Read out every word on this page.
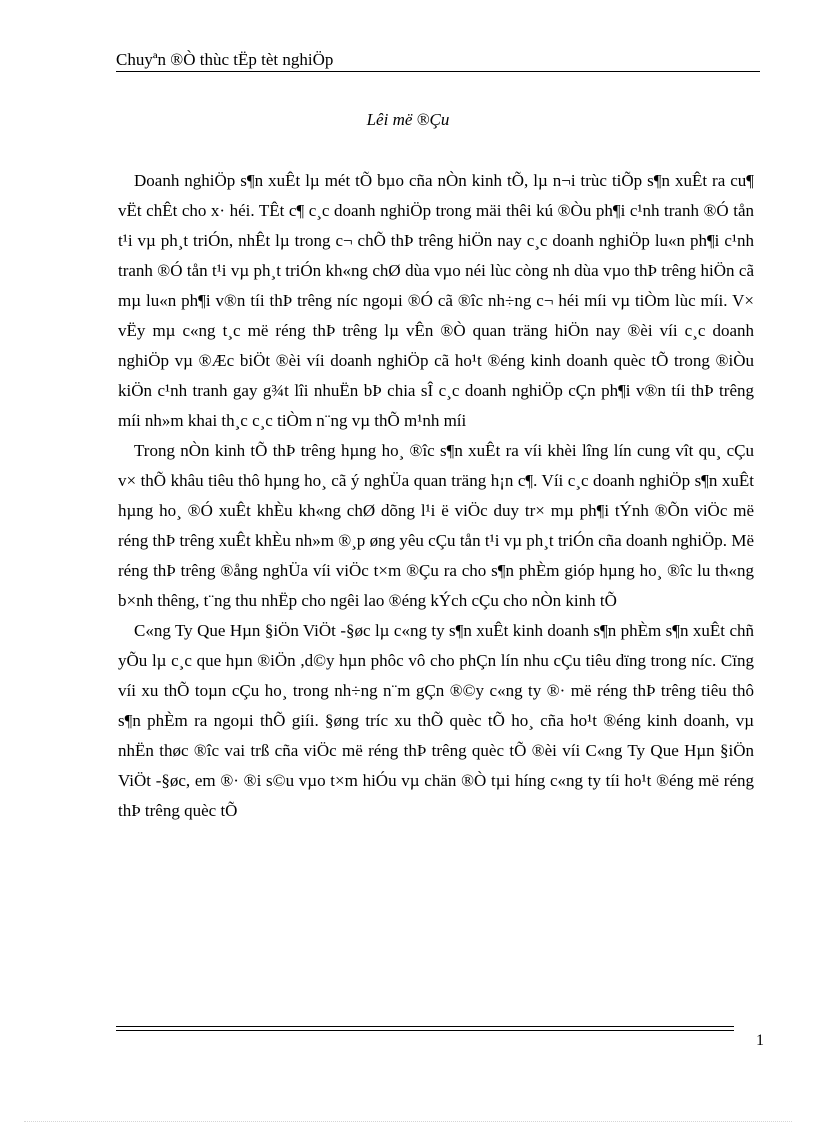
Chuyªn ®Ò thùc tËp tèt nghiÖp
Lêi më ®Çu

Doanh nghiÖp s¶n xuÊt lµ mét tÕ bµo cña nÒn kinh tÕ, lµ n¬i trùc tiÕp s¶n xuÊt ra cu¶ vËt chÊt cho x· héi. TÊt c¶ c¸c doanh nghiÖp trong mäi thêi kú ®Òu ph¶i c¹nh tranh ®Ó tån t¹i vµ ph¸t triÓn, nhÊt lµ trong c¬ chÕ thÞ trêng hiÖn nay c¸c doanh nghiÖp lu«n ph¶i c¹nh tranh ®Ó tån t¹i vµ ph¸t triÓn kh«ng chØ dùa vµo néi lùc còng nh dùa vµo thÞ trêng hiÖn cã mµ lu«n ph¶i v®n tíi thÞ trêng níc ngoµi ®Ó cã ®îc nh÷ng c¬ héi míi vµ tiÒm lùc míi. V× vËy mµ c«ng t¸c më réng thÞ trêng lµ vÊn ®Ò quan träng hiÖn nay ®èi víi c¸c doanh nghiÖp vµ ®Æc biÖt ®èi víi doanh nghiÖp cã ho¹t ®éng kinh doanh quèc tÕ trong ®iÒu kiÖn c¹nh tranh gay g¾t lîi nhuËn bÞ chia sÎ c¸c doanh nghiÖp cÇn ph¶i v®n tíi thÞ trêng míi nh»m khai th¸c c¸c tiÒm n¨ng vµ thÕ m¹nh míi

Trong nÒn kinh tÕ thÞ trêng hµng ho¸ ®îc s¶n xuÊt ra víi khèi lîng lín cung vît qu¸ cÇu v× thÕ khâu tiêu thô hµng ho¸ cã ý nghÜa quan träng h¡n c¶. Víi c¸c doanh nghiÖp s¶n xuÊt hµng ho¸ ®Ó xuÊt khÈu kh«ng chØ dõng l¹i ë viÖc duy tr× mµ ph¶i tÝnh ®Õn viÖc më réng thÞ trêng xuÊt khÈu nh»m ®¸p øng yêu cÇu tån t¹i vµ ph¸t triÓn cña doanh nghiÖp. Më réng thÞ trêng ®ång nghÜa víi viÖc t×m ®Çu ra cho s¶n phÈm gióp hµng ho¸ ®îc lu th«ng b×nh thêng, t¨ng thu nhËp cho ngêi lao ®éng kÝch cÇu cho nÒn kinh tÕ

C«ng Ty Que Hµn §iÖn ViÖt -§øc lµ c«ng ty s¶n xuÊt kinh doanh s¶n phÈm s¶n xuÊt chñ yÕu lµ c¸c que hµn ®iÖn ,d©y hµn phôc vô cho phÇn lín nhu cÇu tiêu dïng trong níc. Cïng víi xu thÕ toµn cÇu ho¸ trong nh÷ng n¨m gÇn ®©y c«ng ty ®· më réng thÞ trêng tiêu thô s¶n phÈm ra ngoµi thÕ giíi. §øng tríc xu thÕ quèc tÕ ho¸ cña ho¹t ®éng kinh doanh, vµ nhËn thøc ®îc vai trß cña viÖc më réng thÞ trêng quèc tÕ ®èi víi C«ng Ty Que Hµn §iÖn ViÖt -§øc, em ®· ®i s©u vµo t×m hiÓu vµ chän ®Ò tµi híng c«ng ty tíi ho¹t ®éng më réng thÞ trêng quèc tÕ

1
